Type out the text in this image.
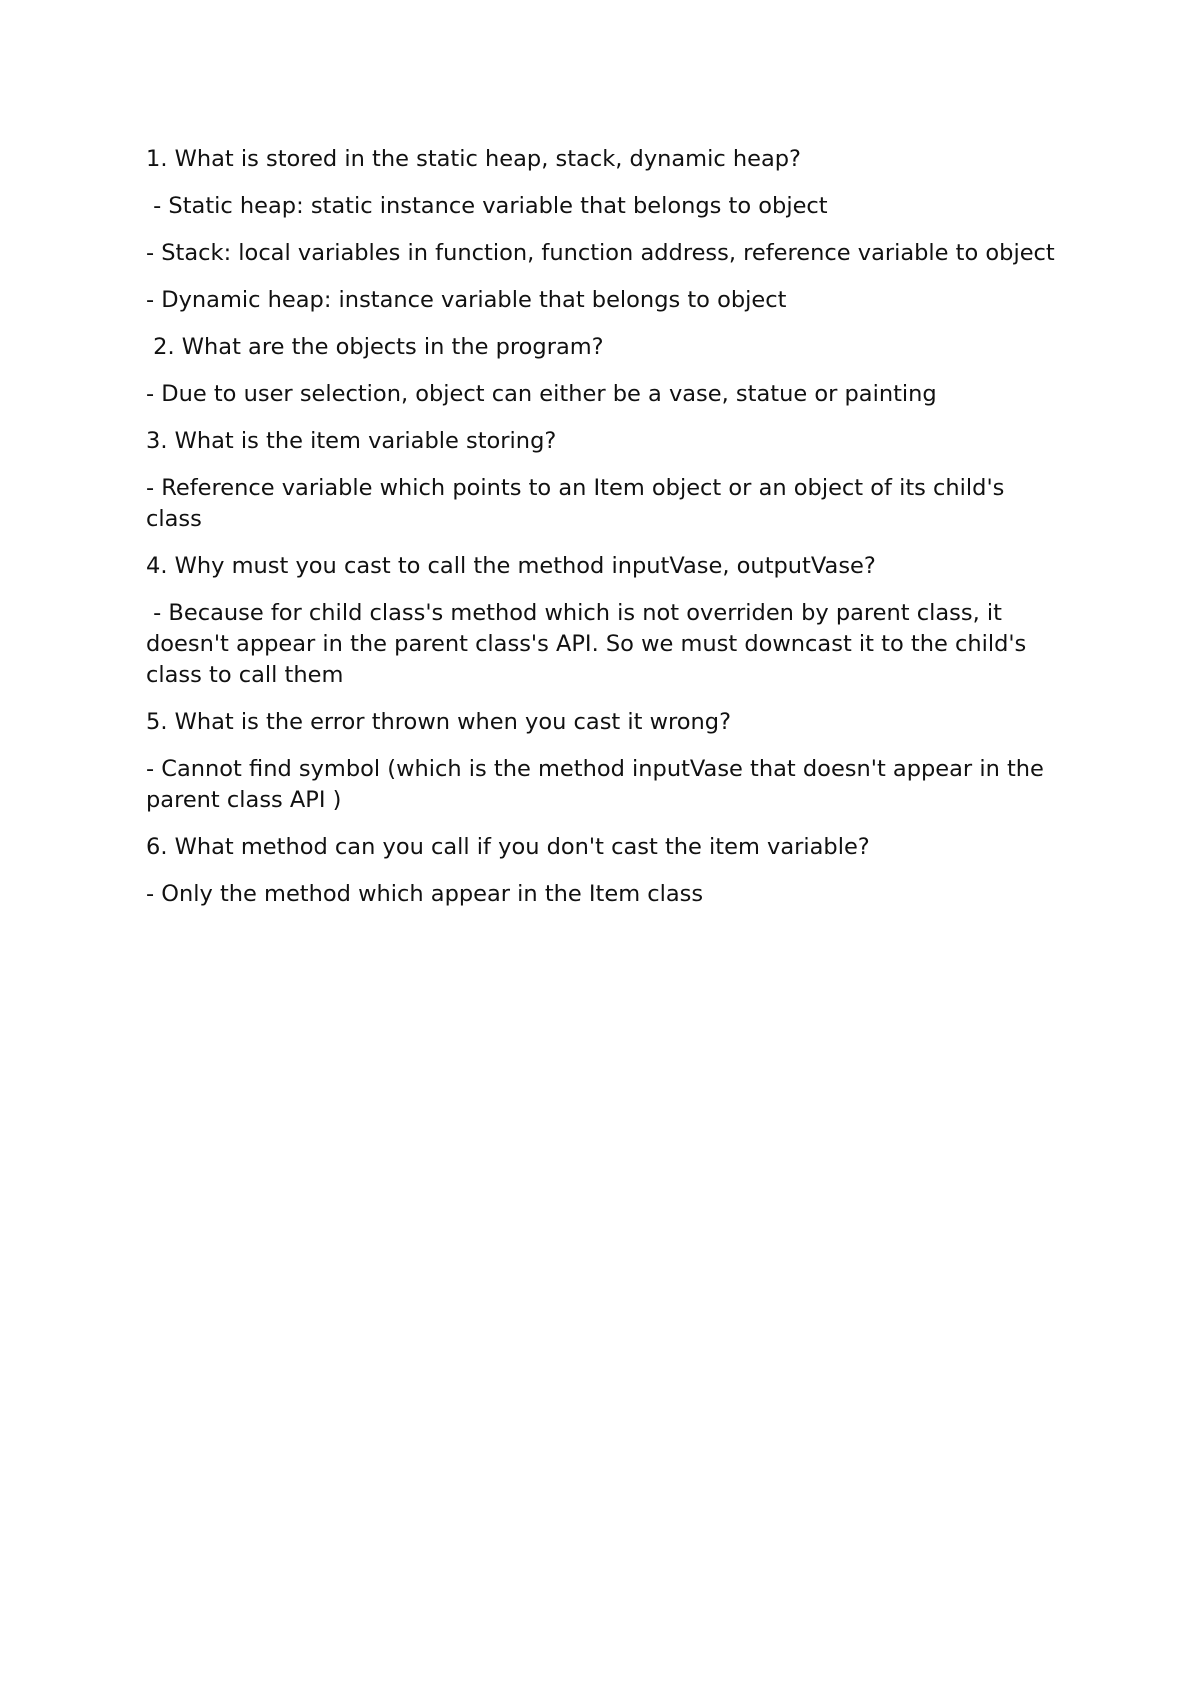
1. What is stored in the static heap, stack, dynamic heap?

- Static heap: static instance variable that belongs to object

- Stack: local variables in function, function address, reference variable to object

- Dynamic heap: instance variable that belongs to object

2. What are the objects in the program?

- Due to user selection, object can either be a vase, statue or painting

3. What is the item variable storing?

- Reference variable which points to an Item object or an object of its child's class

4. Why must you cast to call the method inputVase, outputVase?

- Because for child class's method which is not overriden by parent class, it doesn't appear in the parent class's API. So we must downcast it to the child's class to call them

5. What is the error thrown when you cast it wrong?

- Cannot find symbol (which is the method inputVase that doesn't appear in the parent class API )

6. What method can you call if you don't cast the item variable?

- Only the method which appear in the Item class
